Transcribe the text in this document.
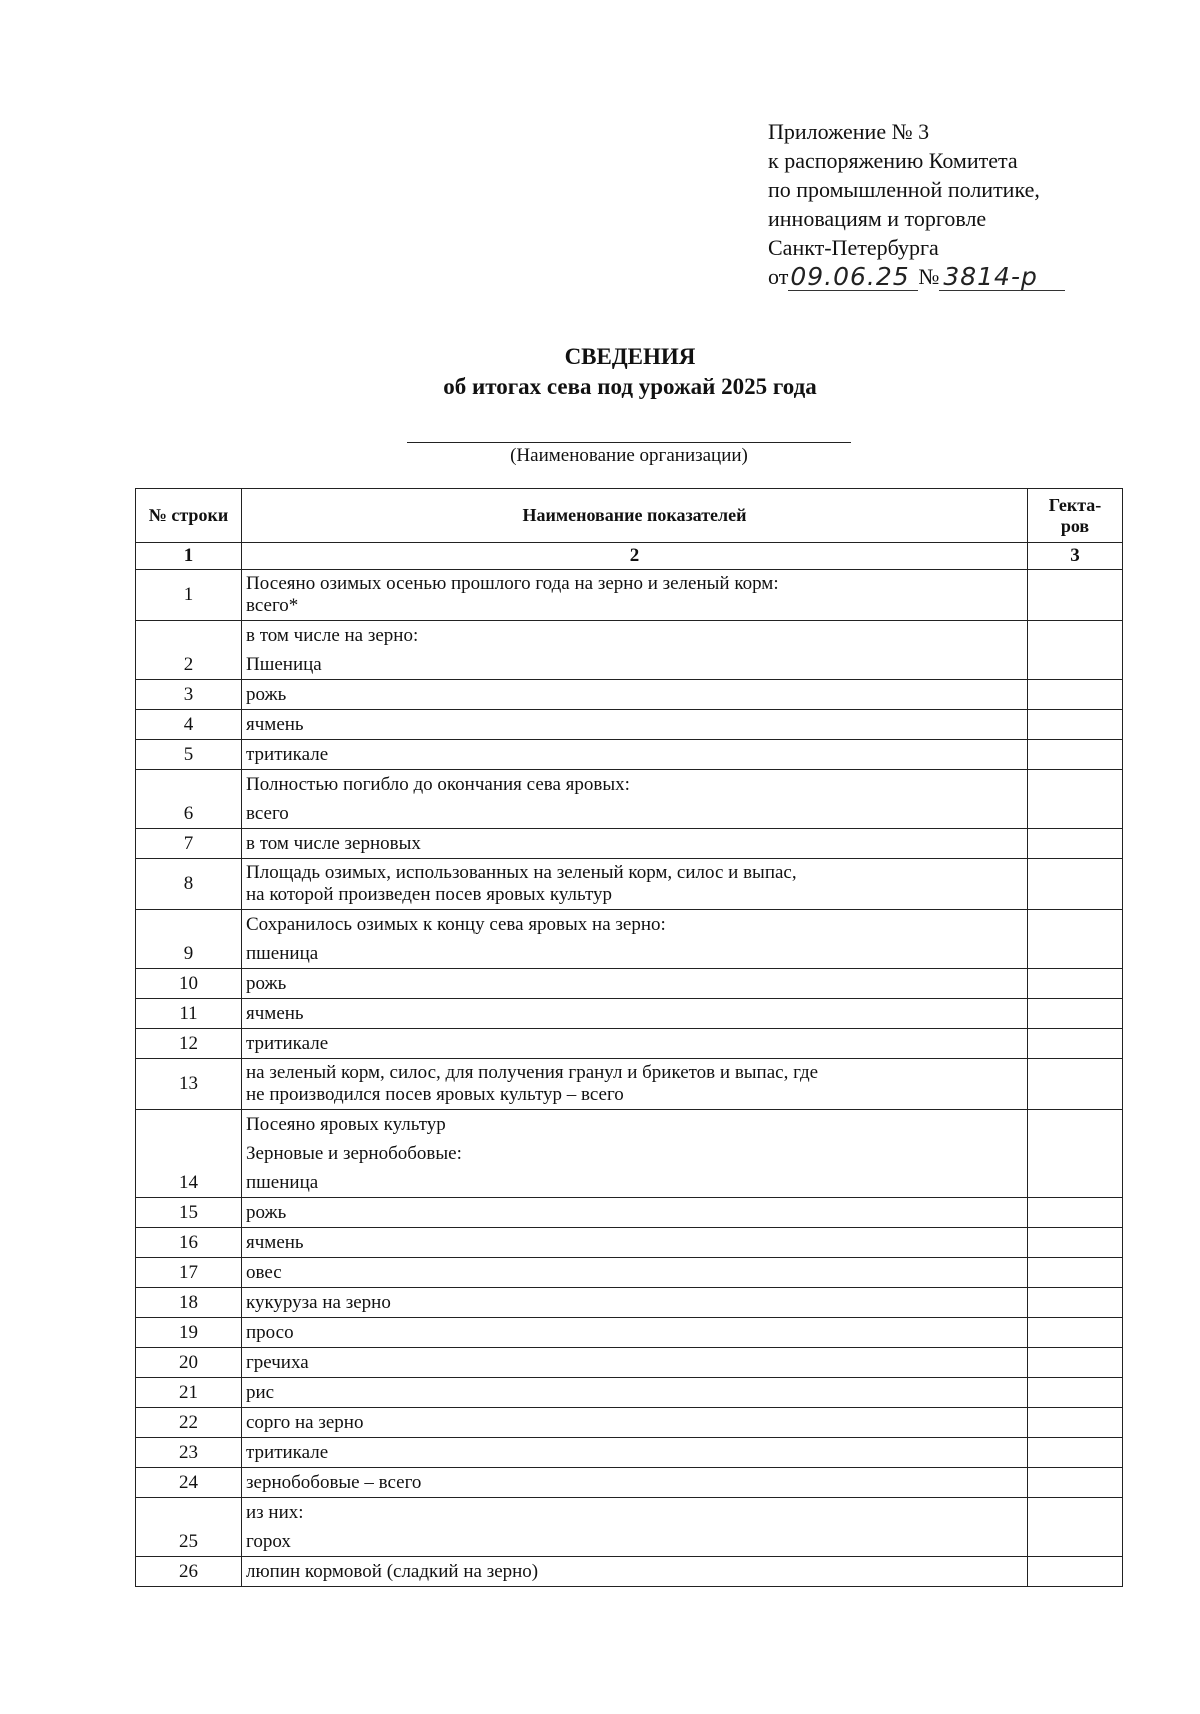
Приложение № 3
к распоряжению Комитета
по промышленной политике,
инновациям и торговле
Санкт-Петербурга
от 09.06.25 № 3814-р
СВЕДЕНИЯ
об итогах сева под урожай 2025 года
(Наименование организации)
№ строки	Наименование показателей	Гекта-
ров

1	2	3
1	Посеяно озимых осенью прошлого года на зерно и зеленый корм:
всего*	

2	в том числе на зерно:
Пшеница	

3	рожь	

4	ячмень	

5	тритикале	

6	Полностью погибло до окончания сева яровых:
всего	

7	в том числе зерновых	

8	Площадь озимых, использованных на зеленый корм, силос и выпас,
на которой произведен посев яровых культур	

9	Сохранилось озимых к концу сева яровых на зерно:
пшеница	

10	рожь	

11	ячмень	

12	тритикале	

13	на зеленый корм, силос, для получения гранул и брикетов и выпас, где
не производился посев яровых культур – всего	

14	Посеяно яровых культур
Зерновые и зернобобовые:
пшеница	

15	рожь	

16	ячмень	

17	овес	

18	кукуруза на зерно	

19	просо	

20	гречиха	

21	рис	

22	сорго на зерно	

23	тритикале	

24	зернобобовые – всего	

25	из них:
горох	

26	люпин кормовой (сладкий на зерно)	
